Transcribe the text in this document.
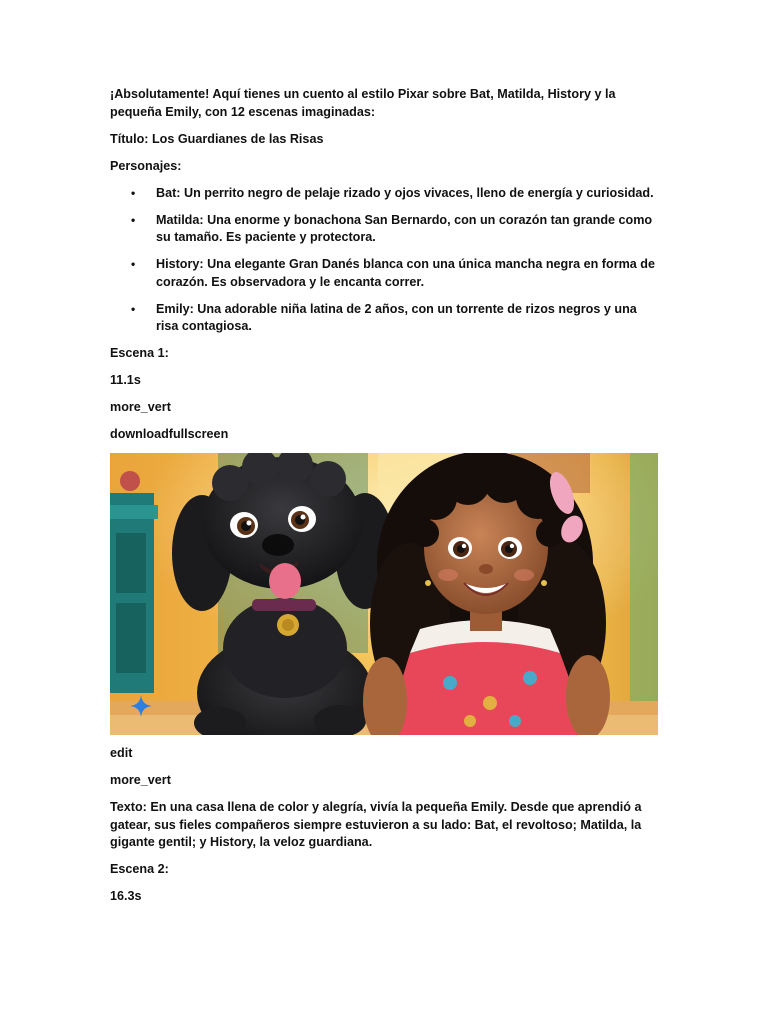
¡Absolutamente! Aquí tienes un cuento al estilo Pixar sobre Bat, Matilda, History y la pequeña Emily, con 12 escenas imaginadas:

Título: Los Guardianes de las Risas

Personajes:

• Bat: Un perrito negro de pelaje rizado y ojos vivaces, lleno de energía y curiosidad.
• Matilda: Una enorme y bonachona San Bernardo, con un corazón tan grande como su tamaño. Es paciente y protectora.
• History: Una elegante Gran Danés blanca con una única mancha negra en forma de corazón. Es observadora y le encanta correr.
• Emily: Una adorable niña latina de 2 años, con un torrente de rizos negros y una risa contagiosa.

Escena 1:

11.1s

more_vert

downloadfullscreen

edit

more_vert

Texto: En una casa llena de color y alegría, vivía la pequeña Emily. Desde que aprendió a gatear, sus fieles compañeros siempre estuvieron a su lado: Bat, el revoltoso; Matilda, la gigante gentil; y History, la veloz guardiana.

Escena 2:

16.3s
